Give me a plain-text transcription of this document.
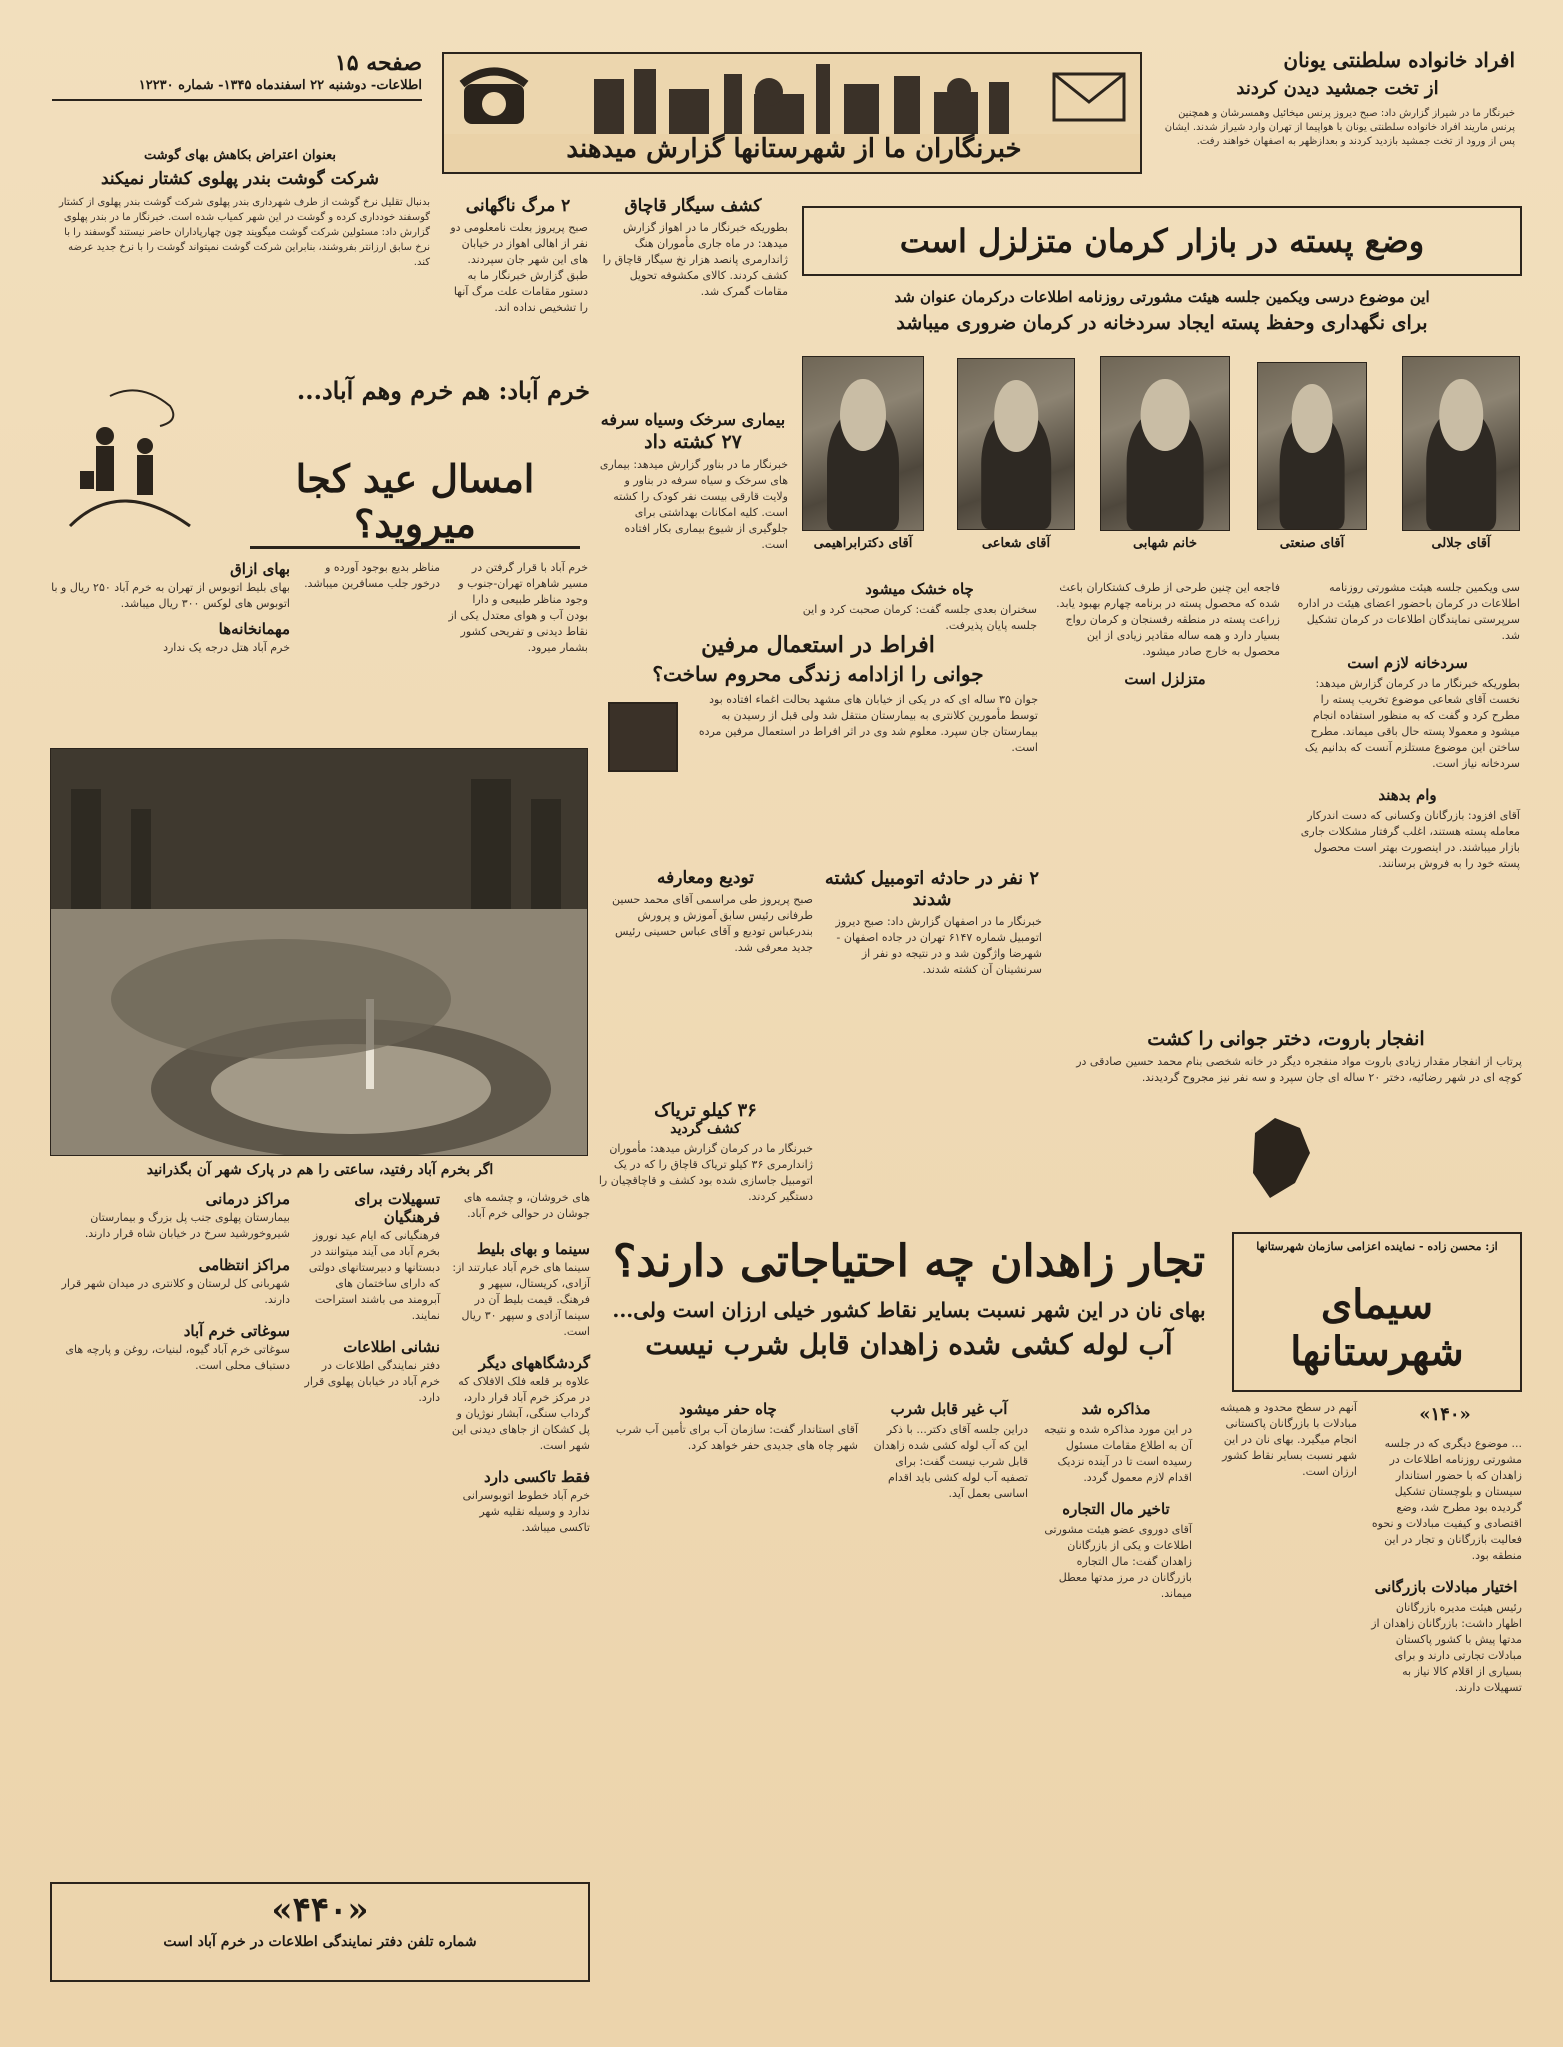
صفحه ۱۵
اطلاعات- دوشنبه ۲۲ اسفندماه ۱۳۴۵- شماره ۱۲۲۳۰
خبرنگاران ما از شهرستانها گزارش میدهند
افراد خانواده سلطنتی یونان
از تخت جمشید دیدن کردند
خبرنگار ما در شیراز گزارش داد: صبح دیروز پرنس میخائیل وهمسرشان و همچنین پرنس ماریند افراد خانواده سلطنتی یونان با هواپیما از تهران وارد شیراز شدند. ایشان پس از ورود از تخت جمشید بازدید کردند و بعدازظهر به اصفهان خواهند رفت.
وضع پسته در بازار کرمان متزلزل است
این موضوع درسی ویکمین جلسه هیئت مشورتی روزنامه اطلاعات درکرمان عنوان شد
برای نگهداری وحفظ پسته ایجاد سردخانه در کرمان ضروری میباشد
آقای جلالی
آقای صنعتی
خانم شهابی
آقای شعاعی
آقای دکترابراهیمی
سی ویکمین جلسه هیئت مشورتی روزنامه اطلاعات در کرمان باحضور اعضای هیئت در اداره سرپرستی نمایندگان اطلاعات در کرمان تشکیل شد.
سردخانه لازم است
بطوریکه خبرنگار ما در کرمان گزارش میدهد: نخست آقای شعاعی موضوع تخریب پسته را مطرح کرد و گفت که به منظور استفاده انجام میشود و معمولا پسته حال باقی میماند. مطرح ساختن این موضوع مستلزم آنست که بدانیم یک سردخانه نیاز است.
وام بدهند
آقای افزود: بازرگانان وکسانی که دست اندرکار معامله پسته هستند، اغلب گرفتار مشکلات جاری بازار میباشند. در اینصورت بهتر است محصول پسته خود را به فروش برسانند.
فاجعه این چنین طرحی از طرف کشتکاران باعث شده که محصول پسته در برنامه چهارم بهبود یابد. زراعت پسته در منطقه رفسنجان و کرمان رواج بسیار دارد و همه ساله مقادیر زیادی از این محصول به خارج صادر میشود.
متزلزل است
چاه خشک میشود
سخنران بعدی جلسه گفت: کرمان صحبت کرد و این جلسه پایان پذیرفت.
کشف سیگار قاچاق
بطوریکه خبرنگار ما در اهواز گزارش میدهد: در ماه جاری مأموران هنگ ژاندارمری پانصد هزار نخ سیگار قاچاق را کشف کردند. کالای مکشوفه تحویل مقامات گمرک شد.
۲ مرگ ناگهانی
صبح پریروز بعلت نامعلومی دو نفر از اهالی اهواز در خیابان های این شهر جان سپردند. طبق گزارش خبرنگار ما به دستور مقامات علت مرگ آنها را تشخیص نداده اند.
بیماری سرخک وسیاه سرفه
۲۷ کشته داد
خبرنگار ما در بناور گزارش میدهد: بیماری های سرخک و سیاه سرفه در بناور و ولایت قارقی بیست نفر کودک را کشته است. کلیه امکانات بهداشتی برای جلوگیری از شیوع بیماری بکار افتاده است.
بعنوان اعتراض بکاهش بهای گوشت
شرکت گوشت بندر پهلوی کشتار نمیکند
بدنبال تقلیل نرخ گوشت از طرف شهرداری بندر پهلوی شرکت گوشت بندر پهلوی از کشتار گوسفند خودداری کرده و گوشت در این شهر کمیاب شده است. خبرنگار ما در بندر پهلوی گزارش داد: مسئولین شرکت گوشت میگویند چون چهارپاداران حاضر نیستند گوسفند را با نرخ سابق ارزانتر بفروشند، بنابراین شرکت گوشت نمیتواند گوشت را با نرخ جدید عرضه کند.
خرم آباد: هم خرم وهم آباد...
امسال عید کجا میروید؟
خرم آباد با قرار گرفتن در مسیر شاهراه تهران-جنوب و وجود مناظر طبیعی و دارا بودن آب و هوای معتدل یکی از نقاط دیدنی و تفریحی کشور بشمار میرود.
مناظر بدیع بوجود آورده و درخور جلب مسافرین میباشد.
بهای ازاق
بهای بلیط اتوبوس از تهران به خرم آباد ۲۵۰ ریال و با اتوبوس های لوکس ۳۰۰ ریال میباشد.
مهمانخانه‌ها
خرم آباد هتل درجه یک ندارد
اگر بخرم آباد رفتید، ساعتی را هم در پارک شهر آن بگذرانید
های خروشان، و چشمه های جوشان در حوالی خرم آباد.
سینما و بهای بلیط
سینما های خرم آباد عبارتند از: آزادی، کریستال، سپهر و فرهنگ. قیمت بلیط آن در سینما آزادی و سپهر ۳۰ ریال است.
گردشگاههای دیگر
علاوه بر قلعه فلک الافلاک که در مرکز خرم آباد قرار دارد، گرداب سنگی، آبشار نوژیان و پل کشکان از جاهای دیدنی این شهر است.
فقط تاکسی دارد
خرم آباد خطوط اتوبوسرانی ندارد و وسیله نقلیه شهر تاکسی میباشد.
تسهیلات برای فرهنگیان
فرهنگیانی که ایام عید نوروز بخرم آباد می آیند میتوانند در دبستانها و دبیرستانهای دولتی که دارای ساختمان های آبرومند می باشند استراحت نمایند.
نشانی اطلاعات
دفتر نمایندگی اطلاعات در خرم آباد در خیابان پهلوی قرار دارد.
مراکز درمانی
بیمارستان پهلوی جنب پل بزرگ و بیمارستان شیروخورشید سرخ در خیابان شاه قرار دارند.
مراکز انتظامی
شهربانی کل لرستان و کلانتری در میدان شهر قرار دارند.
سوغاتی خرم آباد
سوغاتی خرم آباد گیوه، لبنیات، روغن و پارچه های دستباف محلی است.
«۴۴۰»
شماره تلفن دفتر نمایندگی اطلاعات در خرم آباد است
افراط در استعمال مرفین
جوانی را ازادامه زندگی محروم ساخت؟
جوان ۳۵ ساله ای که در یکی از خیابان های مشهد بحالت اغماء افتاده بود توسط مأمورین کلانتری به بیمارستان منتقل شد ولی قبل از رسیدن به بیمارستان جان سپرد. معلوم شد وی در اثر افراط در استعمال مرفین مرده است.
۲ نفر در حادثه اتومبیل کشته شدند
خبرنگار ما در اصفهان گزارش داد: صبح دیروز اتومبیل شماره ۶۱۴۷ تهران در جاده اصفهان - شهرضا واژگون شد و در نتیجه دو نفر از سرنشینان آن کشته شدند.
تودیع ومعارفه
صبح پریروز طی مراسمی آقای محمد حسین طرفانی رئیس سابق آموزش و پرورش بندرعباس تودیع و آقای عباس حسینی رئیس جدید معرفی شد.
۳۶ کیلو تریاک
کشف گردید
خبرنگار ما در کرمان گزارش میدهد: مأموران ژاندارمری ۳۶ کیلو تریاک قاچاق را که در یک اتومبیل جاسازی شده بود کشف و قاچاقچیان را دستگیر کردند.
انفجار باروت، دختر جوانی را کشت
پرتاب از انفجار مقدار زیادی باروت مواد منفجره دیگر در خانه شخصی بنام محمد حسین صادقی در کوچه ای در شهر رضائیه، دختر ۲۰ ساله ای جان سپرد و سه نفر نیز مجروح گردیدند.
تجار زاهدان چه احتیاجاتی دارند؟
بهای نان در این شهر نسبت بسایر نقاط کشور خیلی ارزان است ولی...
آب لوله کشی شده زاهدان قابل شرب نیست
از: محسن زاده - نماینده اعزامی سازمان شهرستانها
سیمای شهرستانها
«۱۴۰»
... موضوع دیگری که در جلسه مشورتی روزنامه اطلاعات در زاهدان که با حضور استاندار سیستان و بلوچستان تشکیل گردیده بود مطرح شد، وضع اقتصادی و کیفیت مبادلات و نحوه فعالیت بازرگانان و تجار در این منطقه بود.
اختیار مبادلات بازرگانی
رئیس هیئت مدیره بازرگانان اظهار داشت: بازرگانان زاهدان از مدتها پیش با کشور پاکستان مبادلات تجارتی دارند و برای بسیاری از اقلام کالا نیاز به تسهیلات دارند.
آنهم در سطح محدود و همیشه مبادلات با بازرگانان پاکستانی انجام میگیرد. بهای نان در این شهر نسبت بسایر نقاط کشور ارزان است.
مذاکره شد
در این مورد مذاکره شده و نتیجه آن به اطلاع مقامات مسئول رسیده است تا در آینده نزدیک اقدام لازم معمول گردد.
تاخیر مال التجاره
آقای دوروی عضو هیئت مشورتی اطلاعات و یکی از بازرگانان زاهدان گفت: مال التجاره بازرگانان در مرز مدتها معطل میماند.
آب غیر قابل شرب
دراین جلسه آقای دکتر... با ذکر این که آب لوله کشی شده زاهدان قابل شرب نیست گفت: برای تصفیه آب لوله کشی باید اقدام اساسی بعمل آید.
چاه حفر میشود
آقای استاندار گفت: سازمان آب برای تأمین آب شرب شهر چاه های جدیدی حفر خواهد کرد.
